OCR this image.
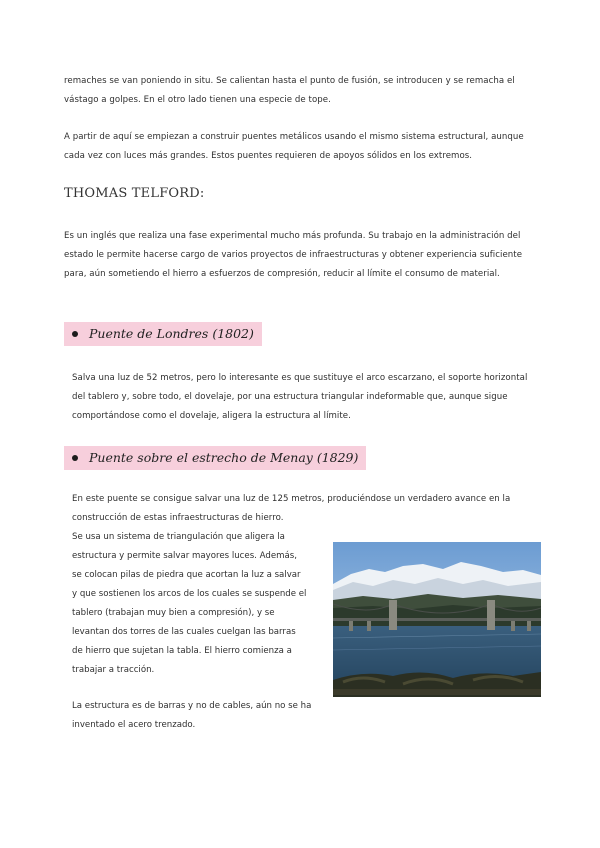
remaches se van poniendo in situ. Se calientan hasta el punto de fusión, se introducen y se remacha el vástago a golpes. En el otro lado tienen una especie de tope.

A partir de aquí se empiezan a construir puentes metálicos usando el mismo sistema estructural, aunque cada vez con luces más grandes. Estos puentes requieren de apoyos sólidos en los extremos.

THOMAS TELFORD:

Es un inglés que realiza una fase experimental mucho más profunda. Su trabajo en la administración del estado le permite hacerse cargo de varios proyectos de infraestructuras y obtener experiencia suficiente para, aún sometiendo el hierro a esfuerzos de compresión, reducir al límite el consumo de material.

Puente de Londres (1802)

Salva una luz de 52 metros, pero lo interesante es que sustituye el arco escarzano, el soporte horizontal del tablero y, sobre todo, el dovelaje, por una estructura triangular indeformable que, aunque sigue comportándose como el dovelaje, aligera la estructura al límite.

Puente sobre el estrecho de Menay (1829)

En este puente se consigue salvar una luz de 125 metros, produciéndose un verdadero avance en la construcción de estas infraestructuras de hierro.

Se usa un sistema de triangulación que aligera la
estructura y permite salvar mayores luces. Además,
se colocan pilas de piedra que acortan la luz a salvar
y que sostienen los arcos de los cuales se suspende el
tablero (trabajan muy bien a compresión), y se
levantan dos torres de las cuales cuelgan las barras
de hierro que sujetan la tabla. El hierro comienza a
trabajar a tracción.

La estructura es de barras y no de cables, aún no se ha inventado el acero trenzado.
